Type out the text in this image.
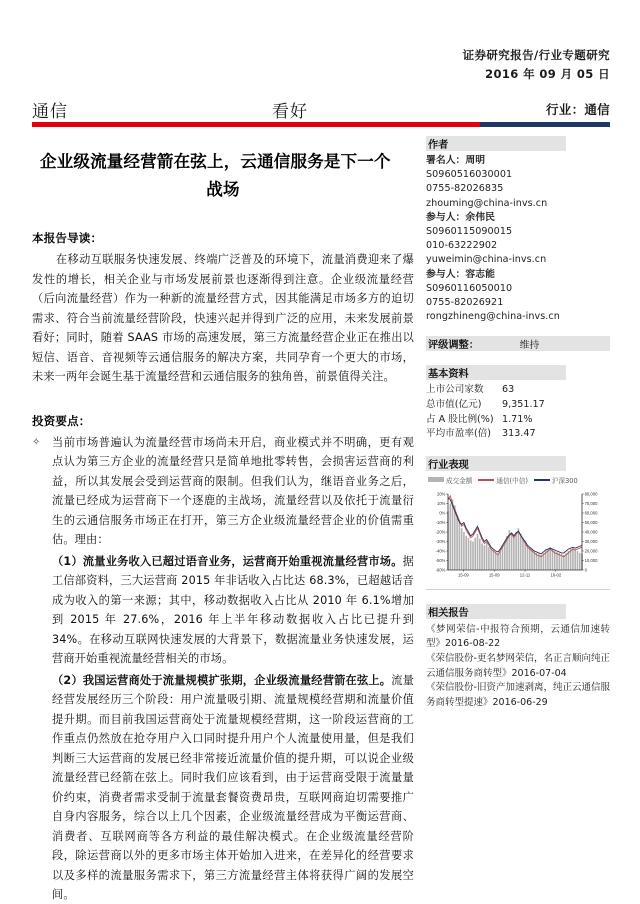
证券研究报告/行业专题研究
2016 年 09 月 05 日
通信	看好	行业：通信
企业级流量经营箭在弦上，云通信服务是下一个
战场
本报告导读：

在移动互联服务快速发展、终端广泛普及的环境下，流量消费迎来了爆发性的增长，相关企业与市场发展前景也逐渐得到注意。企业级流量经营（后向流量经营）作为一种新的流量经营方式，因其能满足市场多方的迫切需求、符合当前流量经营阶段，快速兴起并得到广泛的应用，未来发展前景看好；同时，随着 SAAS 市场的高速发展，第三方流量经营企业正在推出以短信、语音、音视频等云通信服务的解决方案，共同孕育一个更大的市场，未来一两年会诞生基于流量经营和云通信服务的独角兽，前景值得关注。

投资要点：
✧	当前市场普遍认为流量经营市场尚未开启，商业模式并不明确，更有观点认为第三方企业的流量经营只是简单地批零转售，会损害运营商的利益，所以其发展会受到运营商的限制。但我们认为，继语音业务之后，流量已经成为运营商下一个逐鹿的主战场，流量经营以及依托于流量衍生的云通信服务市场正在打开，第三方企业级流量经营企业的价值需重估。理由：

（1）流量业务收入已超过语音业务，运营商开始重视流量经营市场。据工信部资料，三大运营商 2015 年非话收入占比达 68.3%，已超越话音成为收入的第一来源；其中，移动数据收入占比从 2010 年 6.1%增加到 2015 年 27.6%，2016 年上半年移动数据收入占比已提升到 34%。在移动互联网快速发展的大背景下，数据流量业务快速发展，运营商开始重视流量经营相关的市场。

（2）我国运营商处于流量规模扩张期，企业级流量经营箭在弦上。流量经营发展经历三个阶段：用户流量吸引期、流量规模经营期和流量价值提升期。而目前我国运营商处于流量规模经营期，这一阶段运营商的工作重点仍然放在抢夺用户入口同时提升用户个人流量使用量，但是我们判断三大运营商的发展已经非常接近流量价值的提升期，可以说企业级流量经营已经箭在弦上。同时我们应该看到，由于运营商受限于流量量价约束，消费者需求受制于流量套餐资费昂贵，互联网商迫切需要推广自身内容服务，综合以上几个因素，企业级流量经营成为平衡运营商、消费者、互联网商等各方利益的最佳解决模式。在企业级流量经营阶段，除运营商以外的更多市场主体开始加入进来，在差异化的经营要求以及多样的流量服务需求下，第三方流量经营主体将获得广阔的发展空间。

作者
署名人：周明
S0960516030001
0755-82026835
zhouming@china-invs.cn
参与人：余伟民
S0960115090015
010-63222902
yuweimin@china-invs.cn
参与人：容志能
S0960116050010
0755-82026921
rongzhineng@china-invs.cn
评级调整：	维持
基本资料
上市公司家数	63
总市值(亿元)	9,351.17
占 A 股比例(%) 1.71%
平均市盈率(倍)	313.47
行业表现
成交金额	通信(中信)	沪深300
20%
10%
0%
-10%
-20%
-30%
-40%
-50%
-60%
80,000
70,000
60,000
50,000
40,000
30,000
20,000
10,000
0
15-09	15-09	12-11	16-02
相关报告
《梦网荣信-中报符合预期，云通信加速转型》2016-08-22
《荣信股份-更名梦网荣信，名正言顺向纯正云通信服务商转型》2016-07-04
《荣信股份-旧资产加速剥离，纯正云通信服务商转型提速》2016-06-29
